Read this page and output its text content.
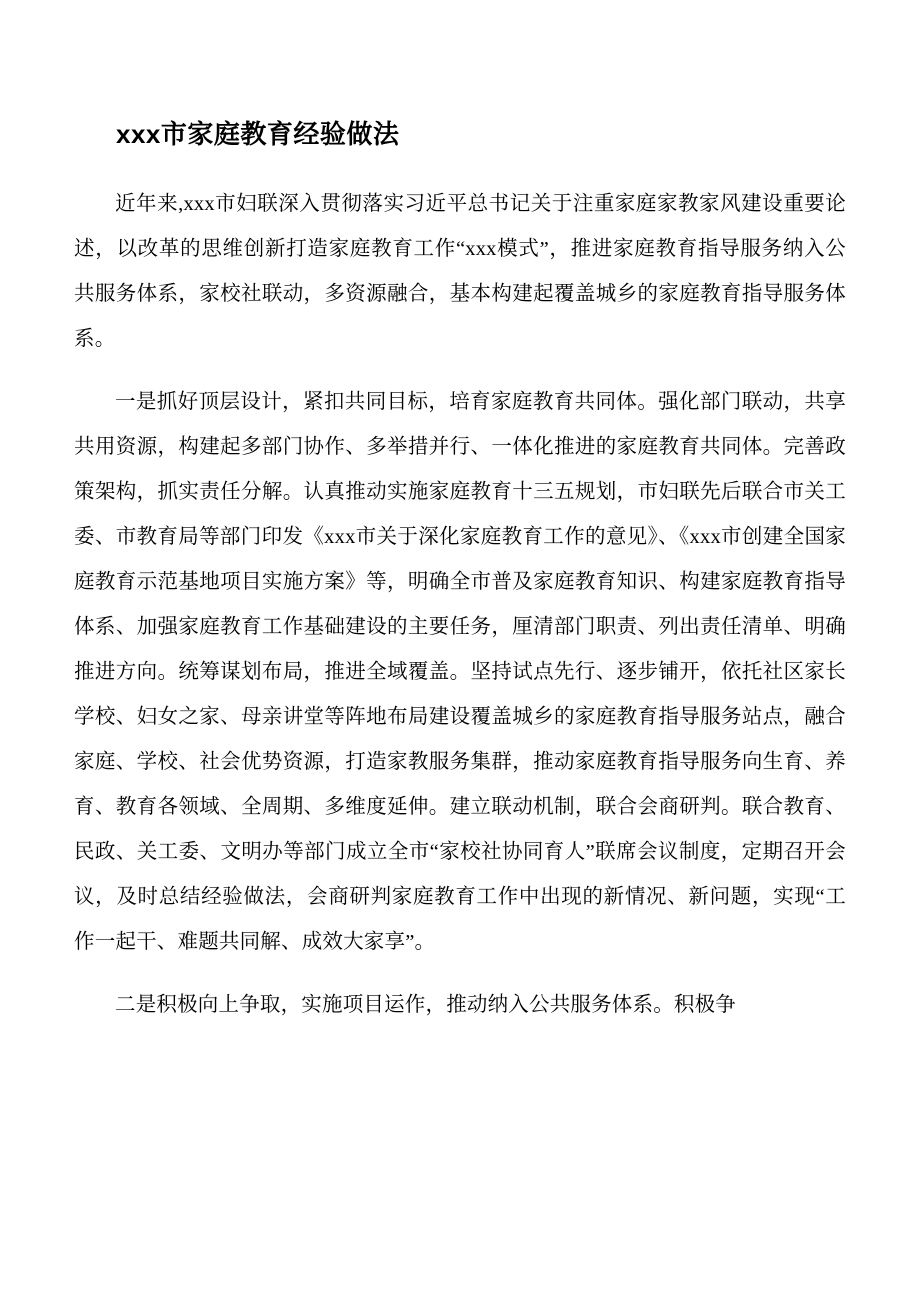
xxx市家庭教育经验做法

近年来,xxx市妇联深入贯彻落实习近平总书记关于注重家庭家教家风建设重要论述，以改革的思维创新打造家庭教育工作“xxx模式”，推进家庭教育指导服务纳入公共服务体系，家校社联动，多资源融合，基本构建起覆盖城乡的家庭教育指导服务体系。

一是抓好顶层设计，紧扣共同目标，培育家庭教育共同体。强化部门联动，共享共用资源，构建起多部门协作、多举措并行、一体化推进的家庭教育共同体。完善政策架构，抓实责任分解。认真推动实施家庭教育十三五规划，市妇联先后联合市关工委、市教育局等部门印发《xxx市关于深化家庭教育工作的意见》、《xxx市创建全国家庭教育示范基地项目实施方案》等，明确全市普及家庭教育知识、构建家庭教育指导体系、加强家庭教育工作基础建设的主要任务，厘清部门职责、列出责任清单、明确推进方向。统筹谋划布局，推进全域覆盖。坚持试点先行、逐步铺开，依托社区家长学校、妇女之家、母亲讲堂等阵地布局建设覆盖城乡的家庭教育指导服务站点，融合家庭、学校、社会优势资源，打造家教服务集群，推动家庭教育指导服务向生育、养育、教育各领域、全周期、多维度延伸。建立联动机制，联合会商研判。联合教育、民政、关工委、文明办等部门成立全市“家校社协同育人”联席会议制度，定期召开会议，及时总结经验做法，会商研判家庭教育工作中出现的新情况、新问题，实现“工作一起干、难题共同解、成效大家享”。

二是积极向上争取，实施项目运作，推动纳入公共服务体系。积极争
